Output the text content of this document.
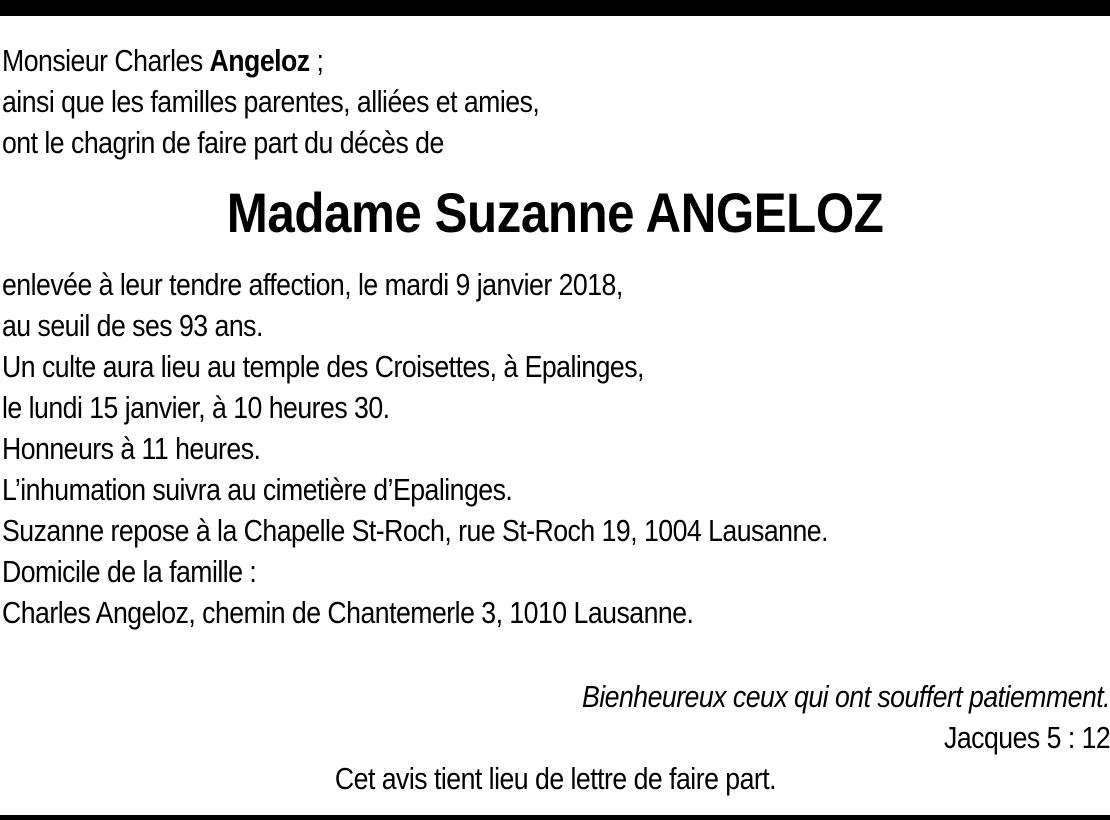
Monsieur Charles Angeloz ;
ainsi que les familles parentes, alliées et amies,
ont le chagrin de faire part du décès de
Madame Suzanne ANGELOZ
enlevée à leur tendre affection, le mardi 9 janvier 2018,
au seuil de ses 93 ans.
Un culte aura lieu au temple des Croisettes, à Epalinges,
le lundi 15 janvier, à 10 heures 30.
Honneurs à 11 heures.
L’inhumation suivra au cimetière d’Epalinges.
Suzanne repose à la Chapelle St-Roch, rue St-Roch 19, 1004 Lausanne.
Domicile de la famille :
Charles Angeloz, chemin de Chantemerle 3, 1010 Lausanne.
Bienheureux ceux qui ont souffert patiemment.
Jacques 5 : 12
Cet avis tient lieu de lettre de faire part.
